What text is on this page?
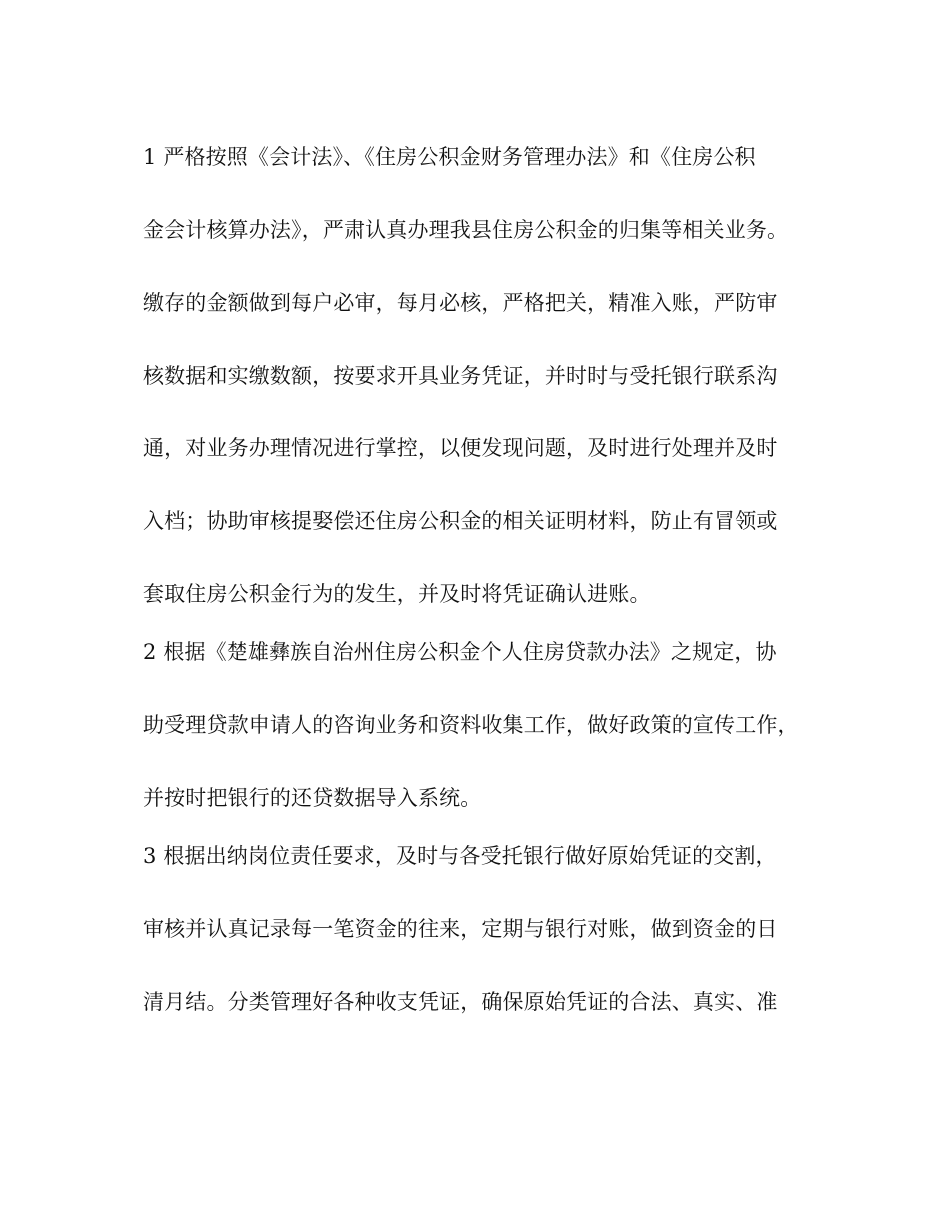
1 严格按照《会计法》、《住房公积金财务管理办法》和《住房公积
金会计核算办法》，严肃认真办理我县住房公积金的归集等相关业务。
缴存的金额做到每户必审，每月必核，严格把关，精准入账，严防审
核数据和实缴数额，按要求开具业务凭证，并时时与受托银行联系沟
通，对业务办理情况进行掌控，以便发现问题，及时进行处理并及时
入档；协助审核提娶偿还住房公积金的相关证明材料，防止有冒领或
套取住房公积金行为的发生，并及时将凭证确认进账。
2 根据《楚雄彝族自治州住房公积金个人住房贷款办法》之规定，协
助受理贷款申请人的咨询业务和资料收集工作，做好政策的宣传工作，
并按时把银行的还贷数据导入系统。
3 根据出纳岗位责任要求，及时与各受托银行做好原始凭证的交割，
审核并认真记录每一笔资金的往来，定期与银行对账，做到资金的日
清月结。分类管理好各种收支凭证，确保原始凭证的合法、真实、准
